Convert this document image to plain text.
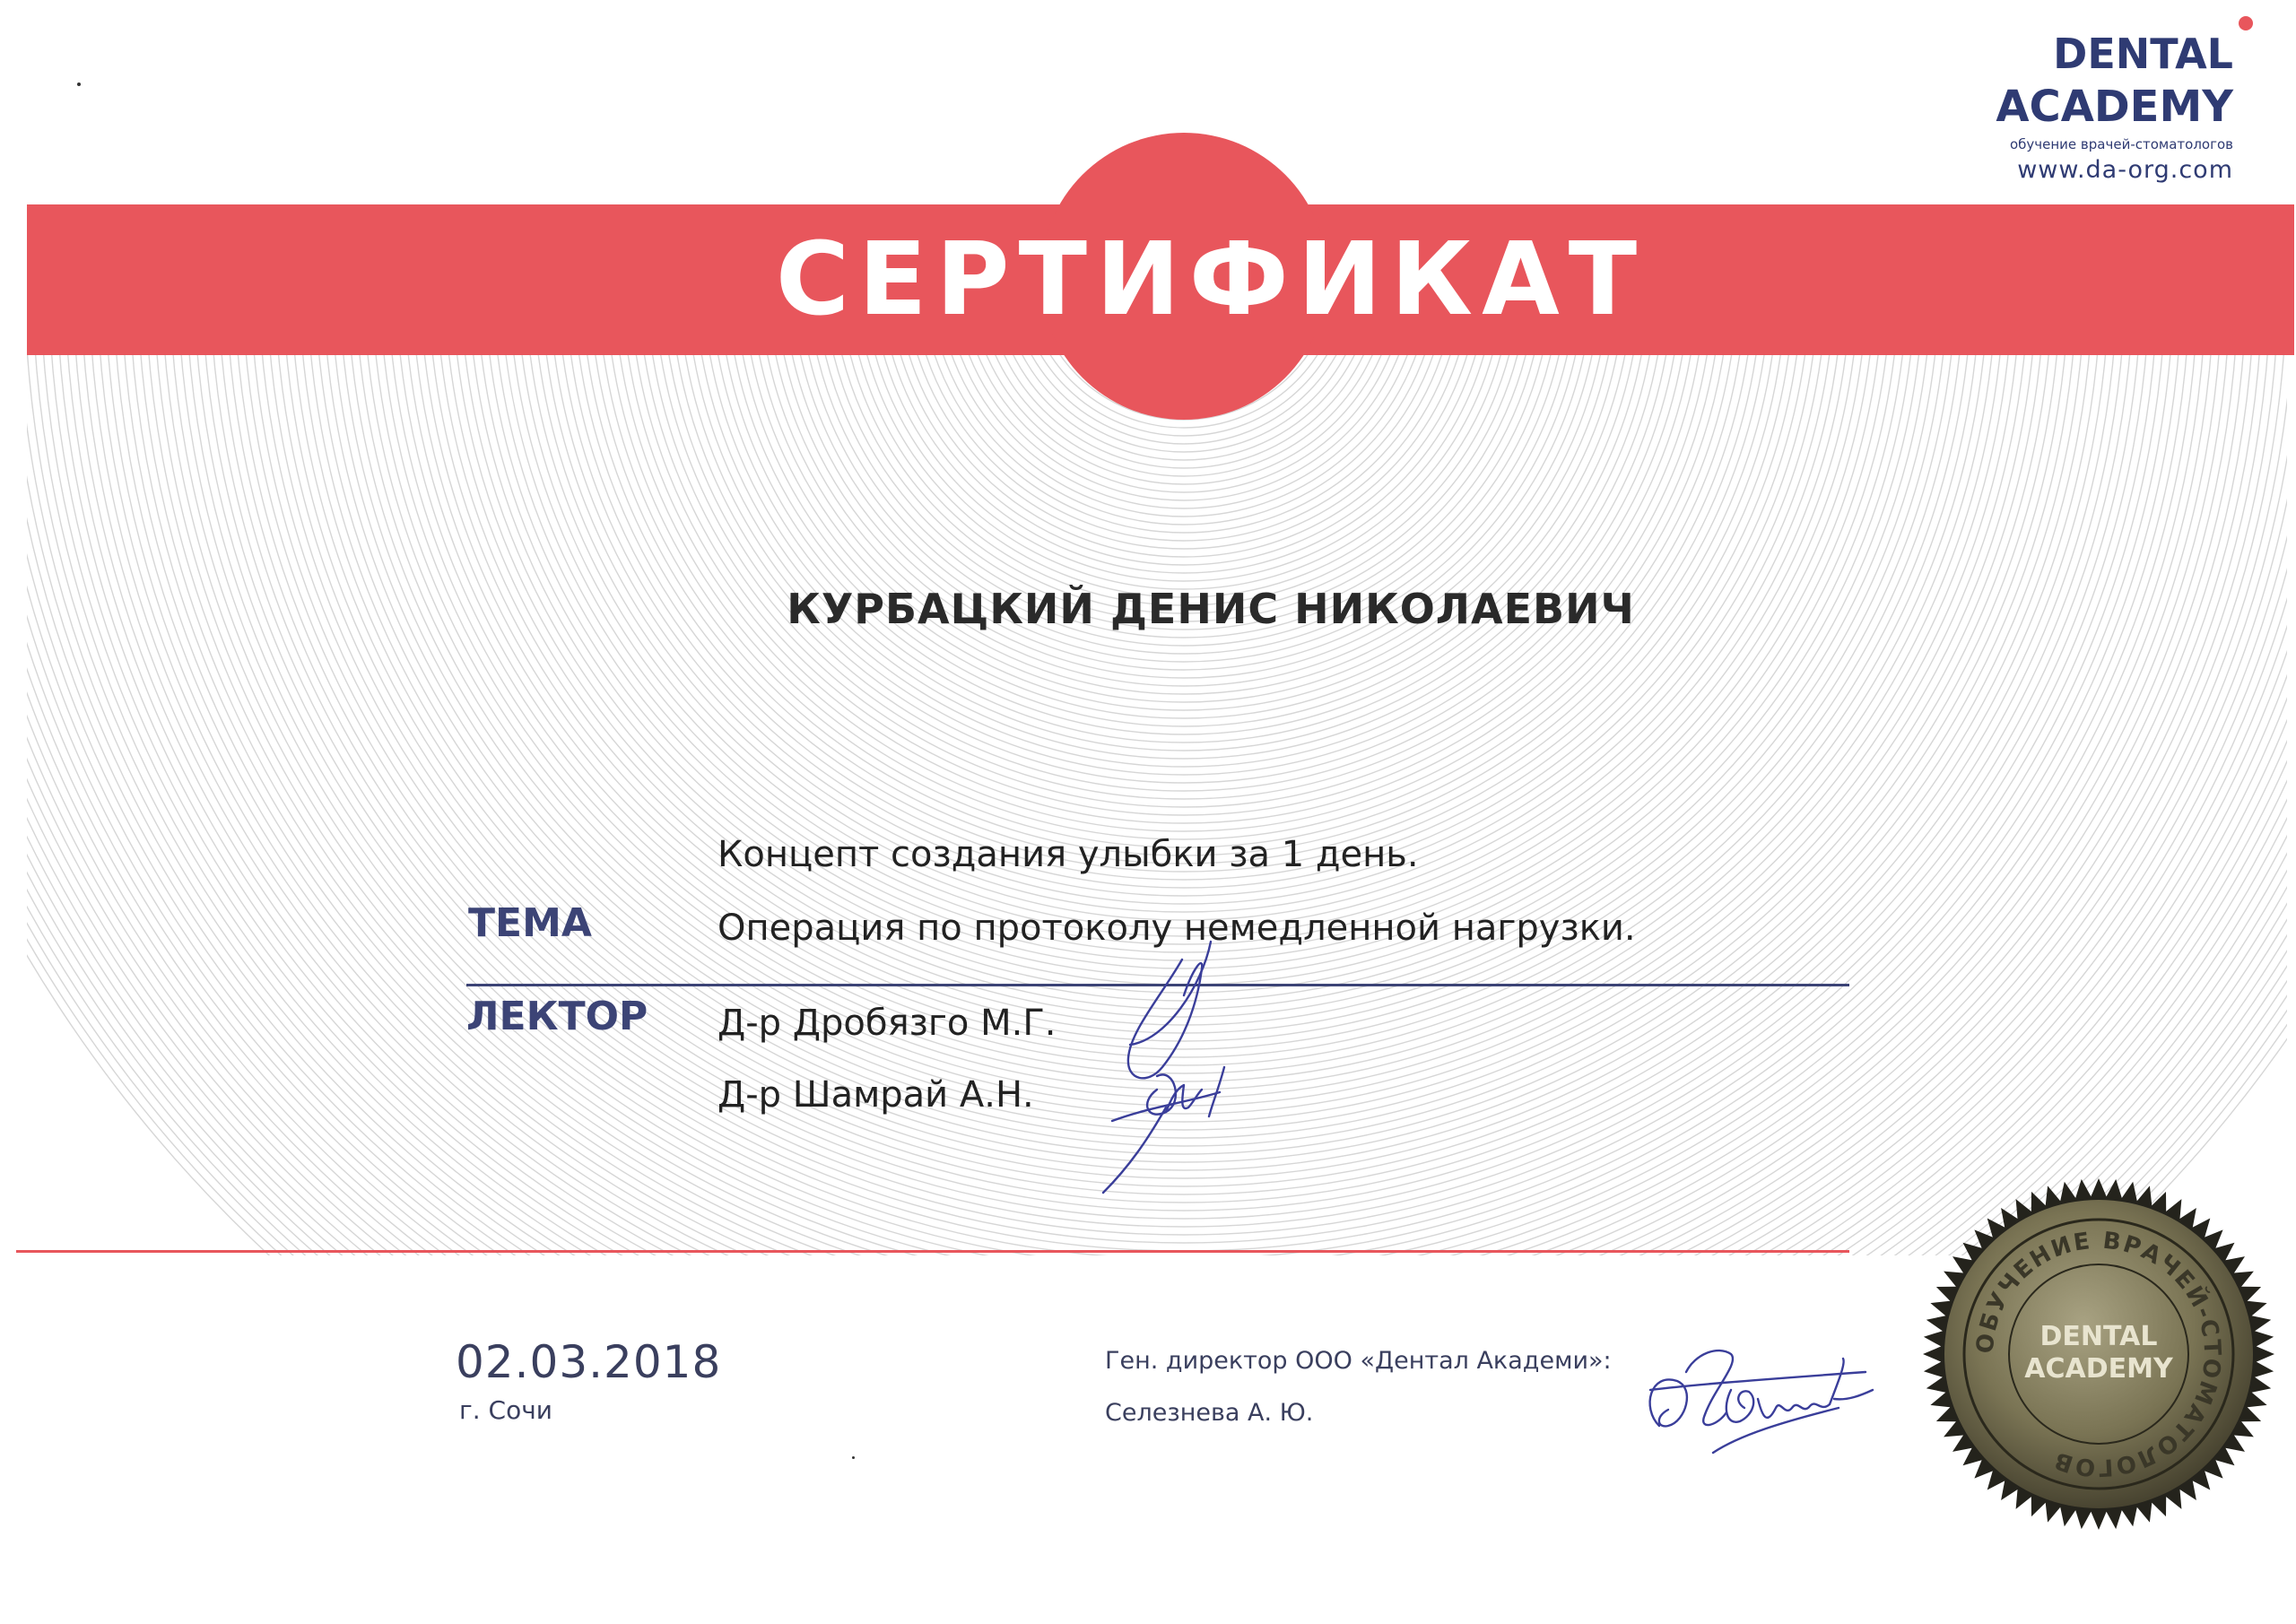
СЕРТИФИКАТ
DENTAL
ACADEMY
обучение врачей-стоматологов
www.da-org.com
КУРБАЦКИЙ ДЕНИС НИКОЛАЕВИЧ
Концепт создания улыбки за 1 день.
ТЕМА	Операция по протоколу немедленной нагрузки.
ЛЕКТОР Д-р Дробязго М.Г.
Д-р Шамрай А.Н.
02.03.2018
г. Сочи
Ген. директор ООО «Дентал Академи»:
Селезнева А. Ю.
ОБУЧЕНИЕ ВРАЧЕЙ-СТОМАТОЛОГОВ
DENTAL
ACADEMY
